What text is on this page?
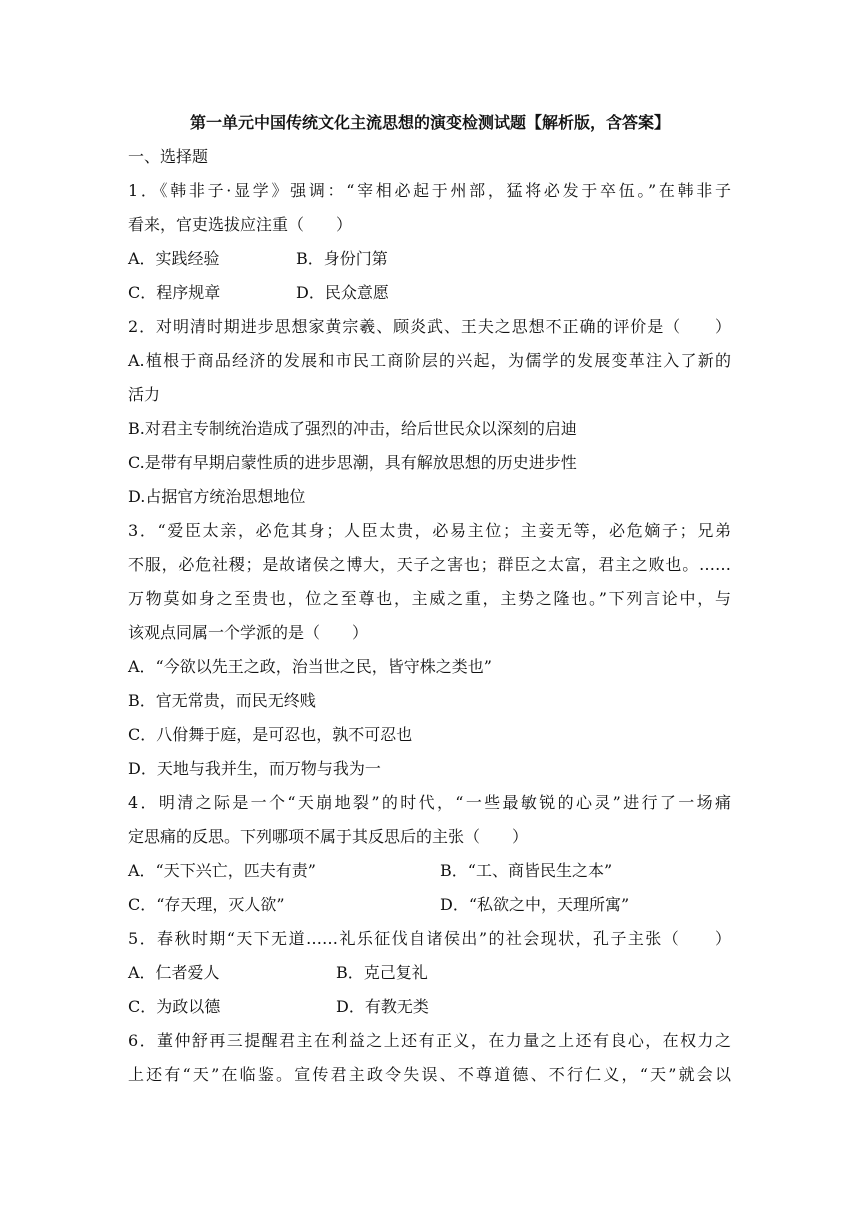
第一单元中国传统文化主流思想的演变检测试题【解析版，含答案】
一、选择题
1．《韩非子·显学》强调：“宰相必起于州部，猛将必发于卒伍。”在韩非子
看来，官吏选拔应注重（　　）
A．实践经验	B．身份门第
C．程序规章	D．民众意愿
2．对明清时期进步思想家黄宗羲、顾炎武、王夫之思想不正确的评价是（　　）
A.植根于商品经济的发展和市民工商阶层的兴起，为儒学的发展变革注入了新的
活力
B.对君主专制统治造成了强烈的冲击，给后世民众以深刻的启迪
C.是带有早期启蒙性质的进步思潮，具有解放思想的历史进步性
D.占据官方统治思想地位
3．“爱臣太亲，必危其身；人臣太贵，必易主位；主妾无等，必危嫡子；兄弟
不服，必危社稷；是故诸侯之博大，天子之害也；群臣之太富，君主之败也。……
万物莫如身之至贵也，位之至尊也，主威之重，主势之隆也。”下列言论中，与
该观点同属一个学派的是（　　）
A．“今欲以先王之政，治当世之民，皆守株之类也”
B．官无常贵，而民无终贱
C．八佾舞于庭，是可忍也，孰不可忍也
D．天地与我并生，而万物与我为一
4．明清之际是一个“天崩地裂”的时代，“一些最敏锐的心灵”进行了一场痛
定思痛的反思。下列哪项不属于其反思后的主张（　　）
A．“天下兴亡，匹夫有责”	B．“工、商皆民生之本”
C．“存天理，灭人欲”	D．“私欲之中，天理所寓”
5．春秋时期“天下无道……礼乐征伐自诸侯出”的社会现状，孔子主张（　　）
A．仁者爱人	B．克己复礼
C．为政以德	D．有教无类
6．董仲舒再三提醒君主在利益之上还有正义，在力量之上还有良心，在权力之
上还有“天”在临鉴。宣传君主政令失误、不尊道德、不行仁义，“天”就会以
